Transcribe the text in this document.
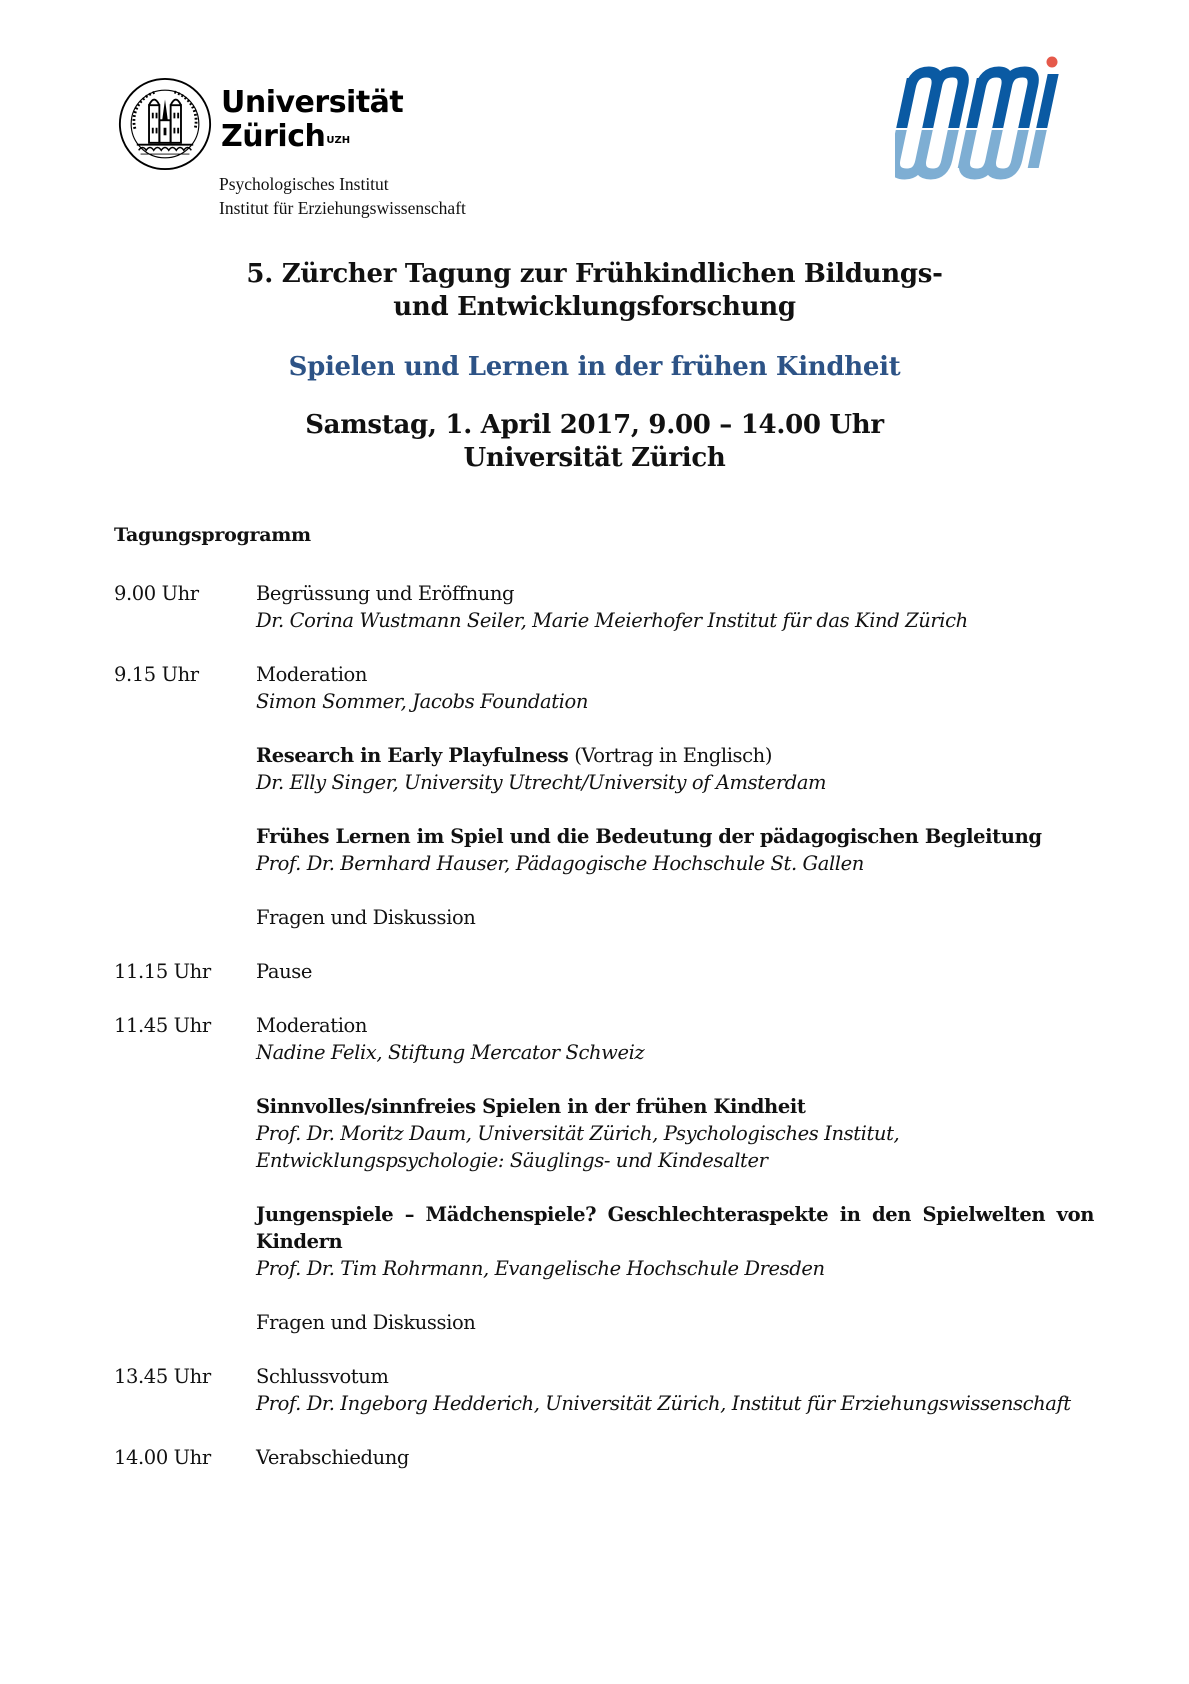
Universität
Zürich$^{UZH}$
Psychologisches Institut
Institut für Erziehungswissenschaft
5. Zürcher Tagung zur Frühkindlichen Bildungs-
und Entwicklungsforschung
Spielen und Lernen in der frühen Kindheit
Samstag, 1. April 2017, 9.00 – 14.00 Uhr
Universität Zürich
Tagungsprogramm
9.00 Uhr	Begrüssung und Eröffnung
Dr. Corina Wustmann Seiler, Marie Meierhofer Institut für das Kind Zürich
9.15 Uhr	Moderation
Simon Sommer, Jacobs Foundation
Research in Early Playfulness (Vortrag in Englisch)
Dr. Elly Singer, University Utrecht/University of Amsterdam
Frühes Lernen im Spiel und die Bedeutung der pädagogischen Begleitung
Prof. Dr. Bernhard Hauser, Pädagogische Hochschule St. Gallen
Fragen und Diskussion
11.15 Uhr	Pause
11.45 Uhr	Moderation
Nadine Felix, Stiftung Mercator Schweiz
Sinnvolles/sinnfreies Spielen in der frühen Kindheit
Prof. Dr. Moritz Daum, Universität Zürich, Psychologisches Institut,
Entwicklungspsychologie: Säuglings- und Kindesalter
Jungenspiele – Mädchenspiele? Geschlechteraspekte in den Spielwelten von Kindern
Prof. Dr. Tim Rohrmann, Evangelische Hochschule Dresden
Fragen und Diskussion
13.45 Uhr	Schlussvotum
Prof. Dr. Ingeborg Hedderich, Universität Zürich, Institut für Erziehungswissenschaft
14.00 Uhr	Verabschiedung
